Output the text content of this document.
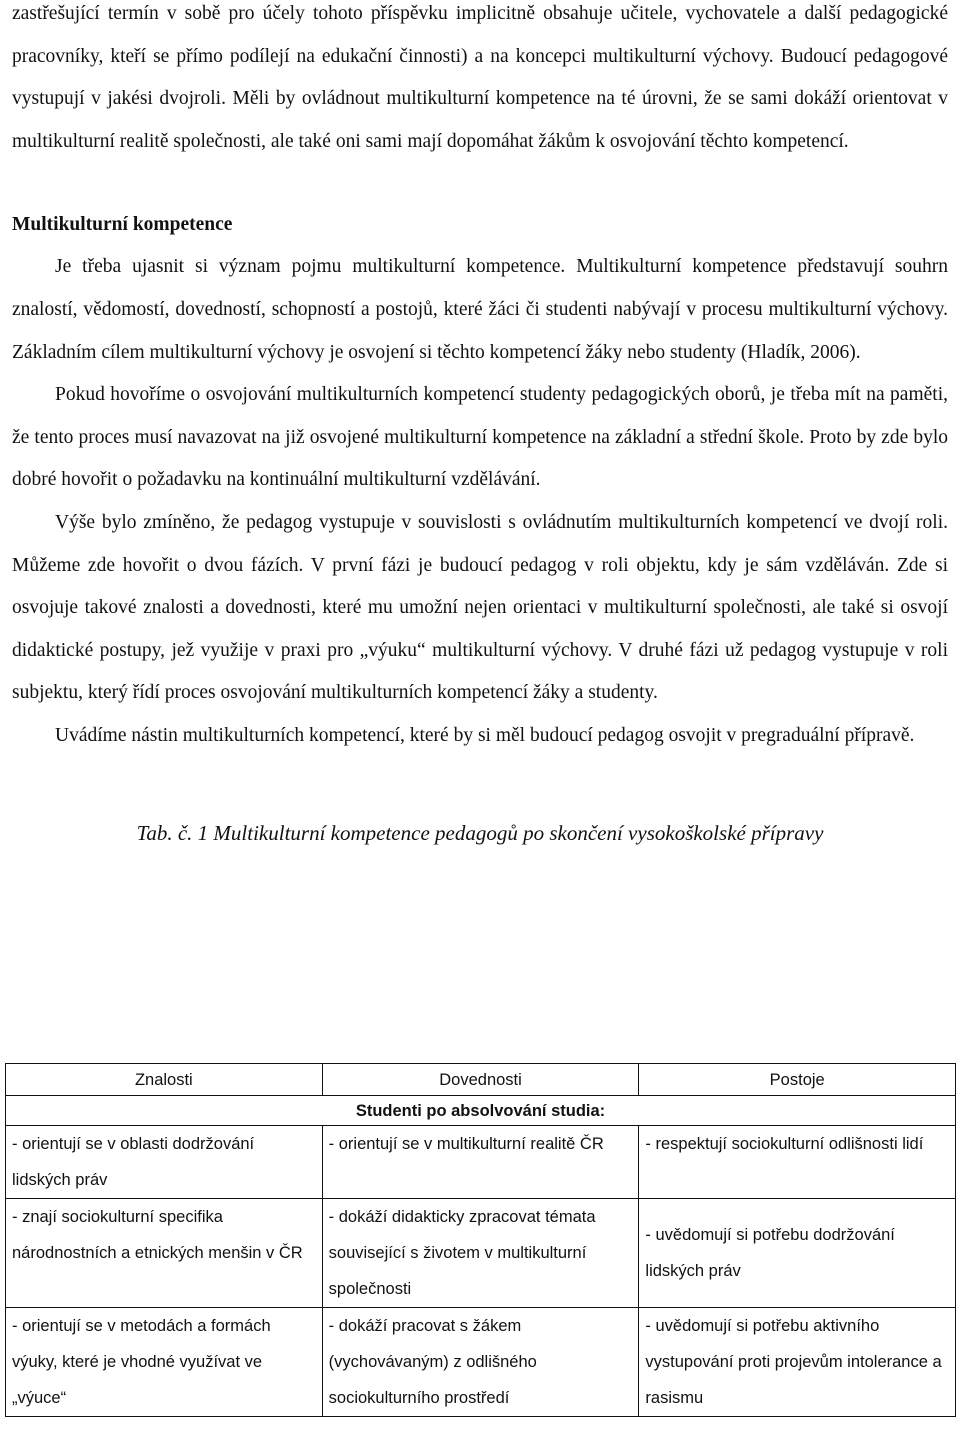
zastřešující termín v sobě pro účely tohoto příspěvku implicitně obsahuje učitele, vychovatele a další pedagogické pracovníky, kteří se přímo podílejí na edukační činnosti) a na koncepci multikulturní výchovy. Budoucí pedagogové vystupují v jakési dvojroli. Měli by ovládnout multikulturní kompetence na té úrovni, že se sami dokáží orientovat v multikulturní realitě společnosti, ale také oni sami mají dopomáhat žákům k osvojování těchto kompetencí.

Multikulturní kompetence

Je třeba ujasnit si význam pojmu multikulturní kompetence. Multikulturní kompetence představují souhrn znalostí, vědomostí, dovedností, schopností a postojů, které žáci či studenti nabývají v procesu multikulturní výchovy. Základním cílem multikulturní výchovy je osvojení si těchto kompetencí žáky nebo studenty (Hladík, 2006).

Pokud hovoříme o osvojování multikulturních kompetencí studenty pedagogických oborů, je třeba mít na paměti, že tento proces musí navazovat na již osvojené multikulturní kompetence na základní a střední škole. Proto by zde bylo dobré hovořit o požadavku na kontinuální multikulturní vzdělávání.

Výše bylo zmíněno, že pedagog vystupuje v souvislosti s ovládnutím multikulturních kompetencí ve dvojí roli. Můžeme zde hovořit o dvou fázích. V první fázi je budoucí pedagog v roli objektu, kdy je sám vzděláván. Zde si osvojuje takové znalosti a dovednosti, které mu umožní nejen orientaci v multikulturní společnosti, ale také si osvojí didaktické postupy, jež využije v praxi pro „výuku“ multikulturní výchovy. V druhé fázi už pedagog vystupuje v roli subjektu, který řídí proces osvojování multikulturních kompetencí žáky a studenty.

Uvádíme nástin multikulturních kompetencí, které by si měl budoucí pedagog osvojit v pregraduální přípravě.

Tab. č. 1 Multikulturní kompetence pedagogů po skončení vysokoškolské přípravy

Znalosti	Dovednosti	Postoje
Studenti po absolvování studia:		
- orientují se v oblasti dodržování lidských práv	- orientují se v multikulturní realitě ČR	- respektují sociokulturní odlišnosti lidí
- znají sociokulturní specifika národnostních a etnických menšin v ČR	- dokáží didakticky zpracovat témata související s životem v multikulturní společnosti	- uvědomují si potřebu dodržování lidských práv
- orientují se v metodách a formách výuky, které je vhodné využívat ve „výuce“	- dokáží pracovat s žákem (vychovávaným) z odlišného sociokulturního prostředí	- uvědomují si potřebu aktivního vystupování proti projevům intolerance a rasismu
